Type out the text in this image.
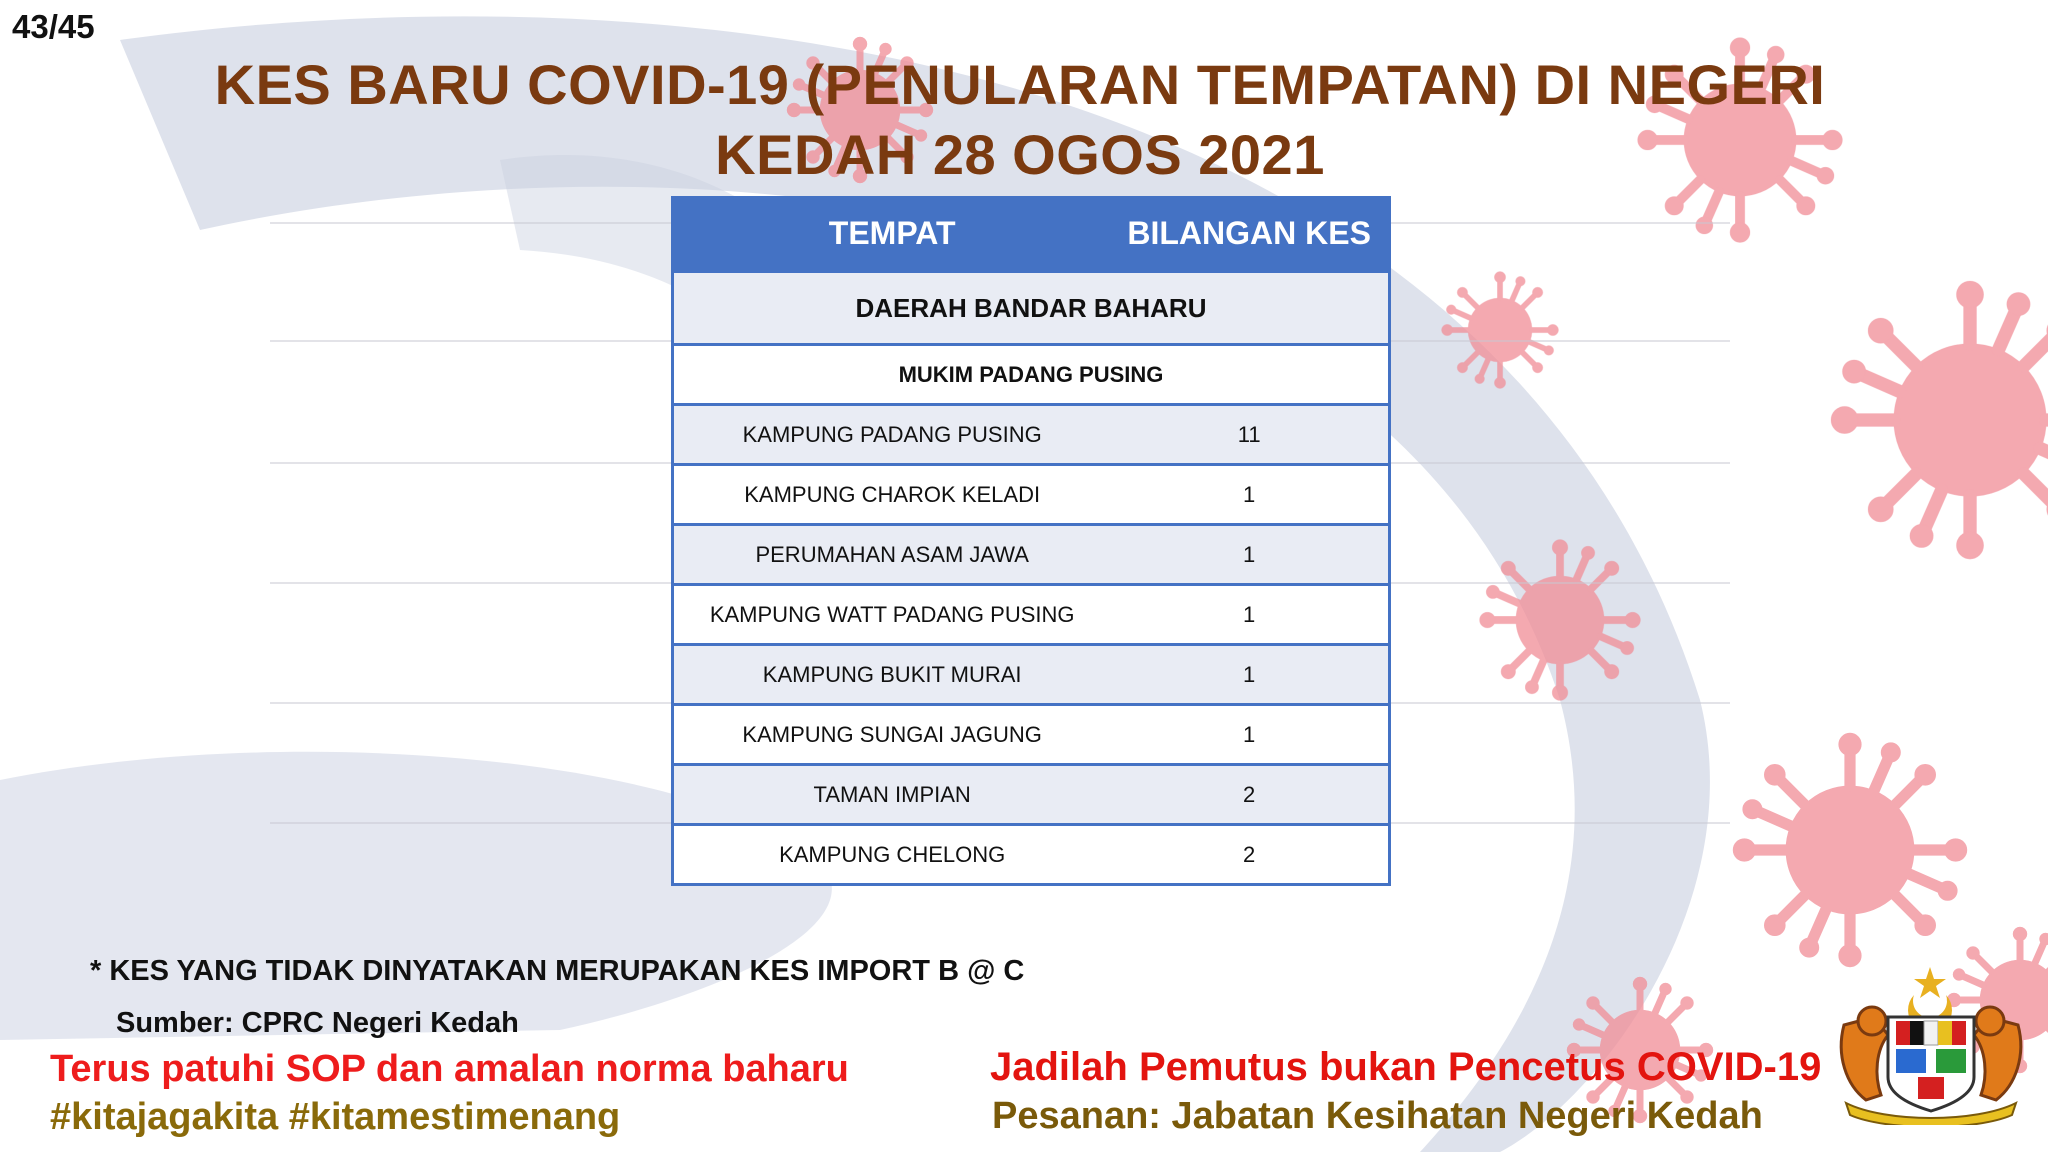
43/45
KES BARU COVID-19 (PENULARAN TEMPATAN) DI NEGERI
KEDAH 28 OGOS 2021
TEMPAT	BILANGAN KES
DAERAH BANDAR BAHARU
MUKIM PADANG PUSING
KAMPUNG PADANG PUSING	11
KAMPUNG CHAROK KELADI	1
PERUMAHAN ASAM JAWA	1
KAMPUNG WATT PADANG PUSING	1
KAMPUNG BUKIT MURAI	1
KAMPUNG SUNGAI JAGUNG	1
TAMAN IMPIAN	2
KAMPUNG CHELONG	2
* KES YANG TIDAK DINYATAKAN MERUPAKAN KES IMPORT B @ C
Sumber: CPRC Negeri Kedah
Terus patuhi SOP dan amalan norma baharu
#kitajagakita #kitamestimenang
Jadilah Pemutus bukan Pencetus COVID-19
Pesanan: Jabatan Kesihatan Negeri Kedah
